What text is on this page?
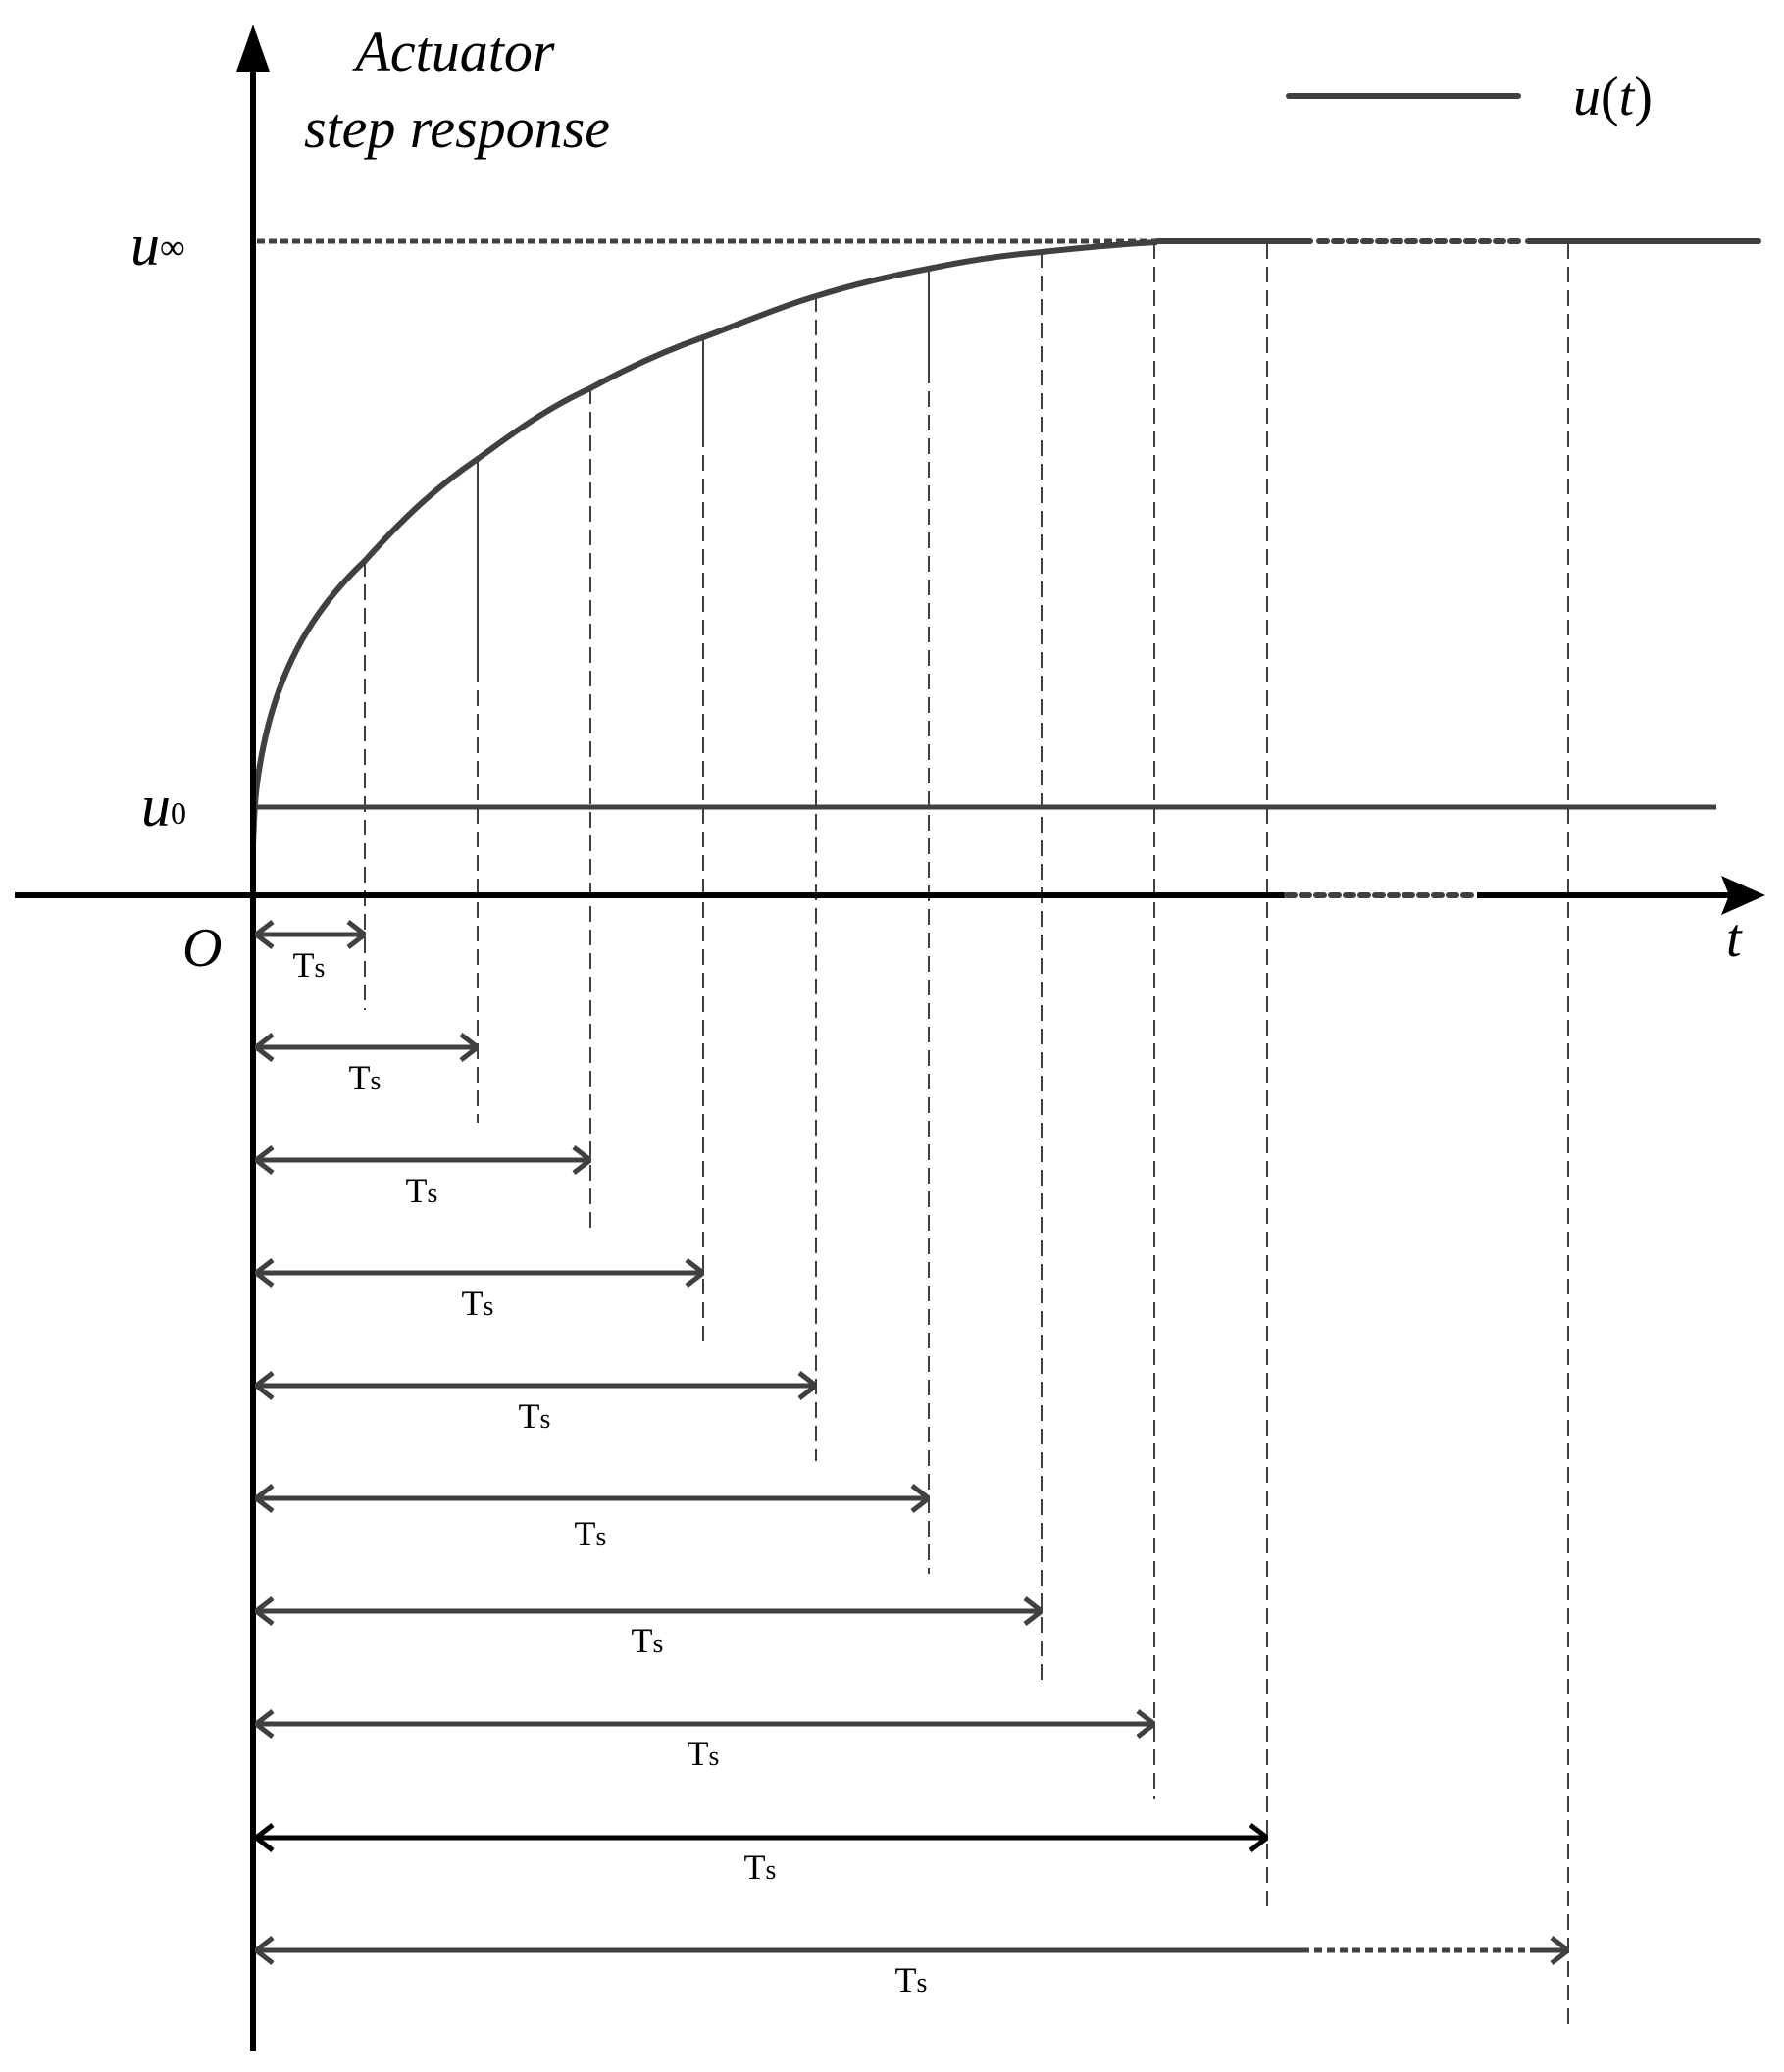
u(t)
Actuator
step response
u∞
u0
O	t
Ts
Ts
Ts
Ts
Ts
Ts
Ts
Ts
Ts
Ts
